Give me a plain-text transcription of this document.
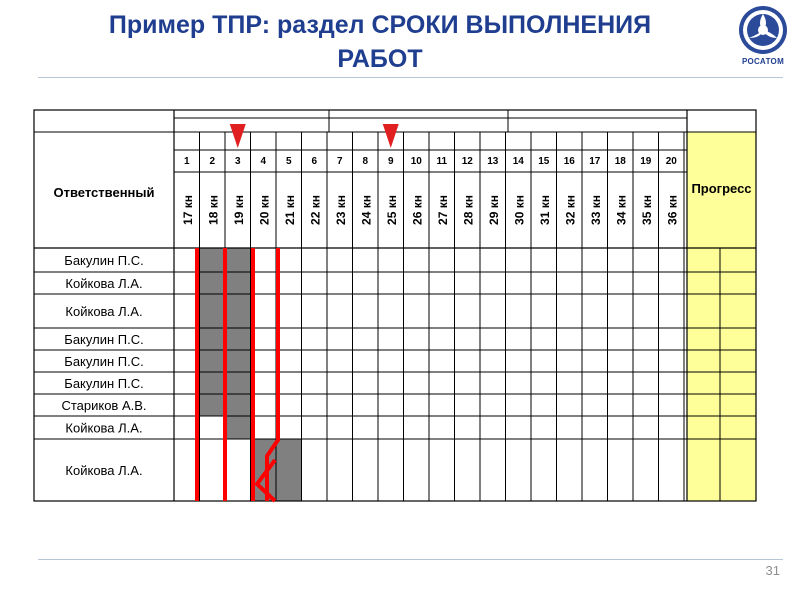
Пример ТПР: раздел СРОКИ ВЫПОЛНЕНИЯ
РАБОТ	РОСАТОМ
Ответственный	Прогресс
1 2 3 4 5 6 7 8 9 10 11 12 13 14 15 16 17 18 19 20
17 кн 18 кн 19 кн 20 кн 21 кн 22 кн 23 кн 24 кн 25 кн 26 кн 27 кн 28 кн 29 кн 30 кн 31 кн 32 кн 33 кн 34 кн 35 кн 36 кн
Бакулин П.С.
Койкова Л.А.
Койкова Л.А.
Бакулин П.С.
Бакулин П.С.
Бакулин П.С.
Стариков А.В.
Койкова Л.А.
Койкова Л.А.
31
